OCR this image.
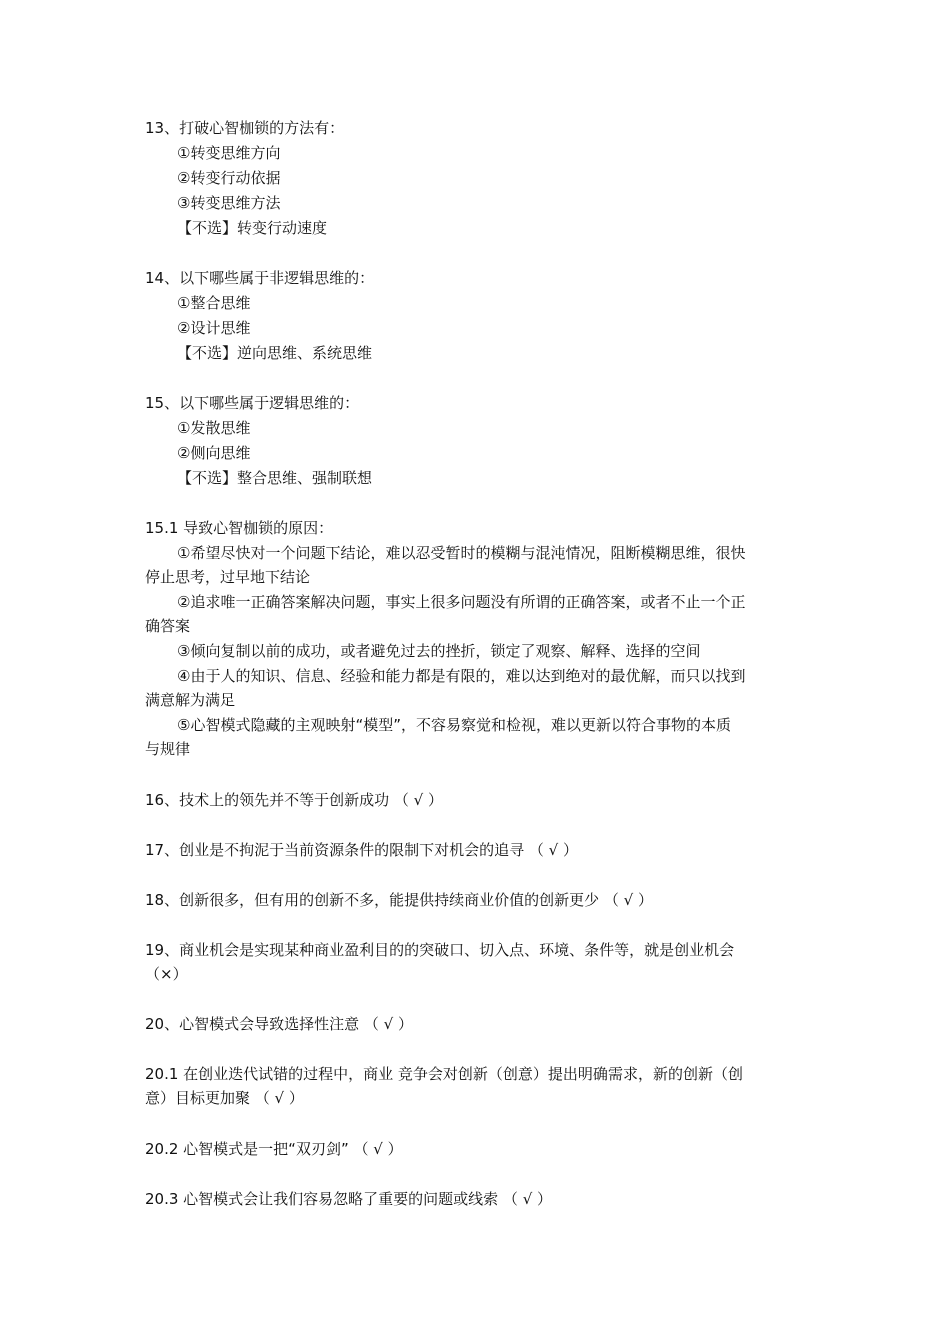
13、打破心智枷锁的方法有：
①转变思维方向
②转变行动依据
③转变思维方法
【不选】转变行动速度
14、以下哪些属于非逻辑思维的：
①整合思维
②设计思维
【不选】逆向思维、系统思维
15、以下哪些属于逻辑思维的：
①发散思维
②侧向思维
【不选】整合思维、强制联想
15.1 导致心智枷锁的原因：
①希望尽快对一个问题下结论，难以忍受暂时的模糊与混沌情况，阻断模糊思维，很快
停止思考，过早地下结论
②追求唯一正确答案解决问题，事实上很多问题没有所谓的正确答案，或者不止一个正
确答案
③倾向复制以前的成功，或者避免过去的挫折，锁定了观察、解释、选择的空间
④由于人的知识、信息、经验和能力都是有限的，难以达到绝对的最优解，而只以找到
满意解为满足
⑤心智模式隐藏的主观映射“模型”，不容易察觉和检视，难以更新以符合事物的本质
与规律
16、技术上的领先并不等于创新成功 （ √ ）
17、创业是不拘泥于当前资源条件的限制下对机会的追寻 （ √ ）
18、创新很多，但有用的创新不多，能提供持续商业价值的创新更少 （ √ ）
19、商业机会是实现某种商业盈利目的的突破口、切入点、环境、条件等，就是创业机会
（×）
20、心智模式会导致选择性注意 （ √ ）
20.1 在创业迭代试错的过程中，商业 竞争会对创新（创意）提出明确需求，新的创新（创
意）目标更加聚 （ √ ）
20.2 心智模式是一把“双刃剑” （ √ ）
20.3 心智模式会让我们容易忽略了重要的问题或线索 （ √ ）
